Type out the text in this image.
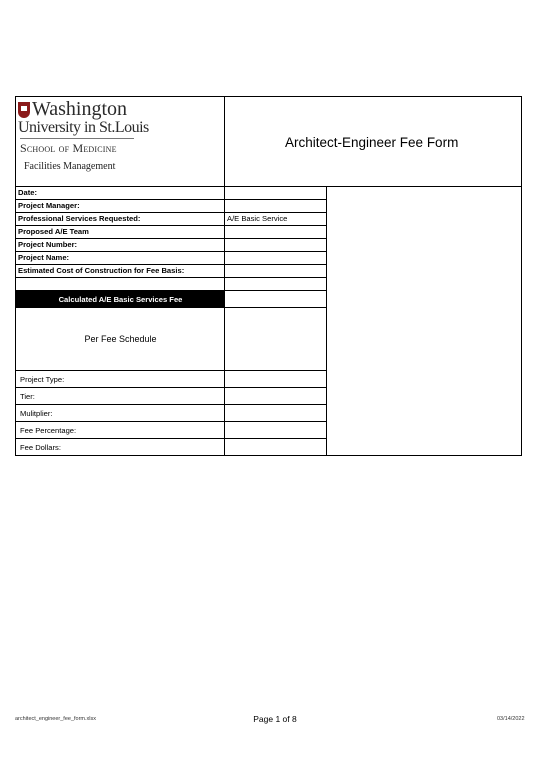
Washington
University in St.Louis
School of Medicine
Facilities Management
Architect-Engineer Fee Form
Date:
Project Manager:
Professional Services Requested:	A/E Basic Service
Proposed A/E Team
Project Number:
Project Name:
Estimated Cost of Construction for Fee Basis:
Calculated A/E Basic Services Fee
Per Fee Schedule
Project Type:
Tier:
Mulitplier:
Fee Percentage:
Fee Dollars:
architect_engineer_fee_form.xlsx	Page 1 of 8	03/14/2022
